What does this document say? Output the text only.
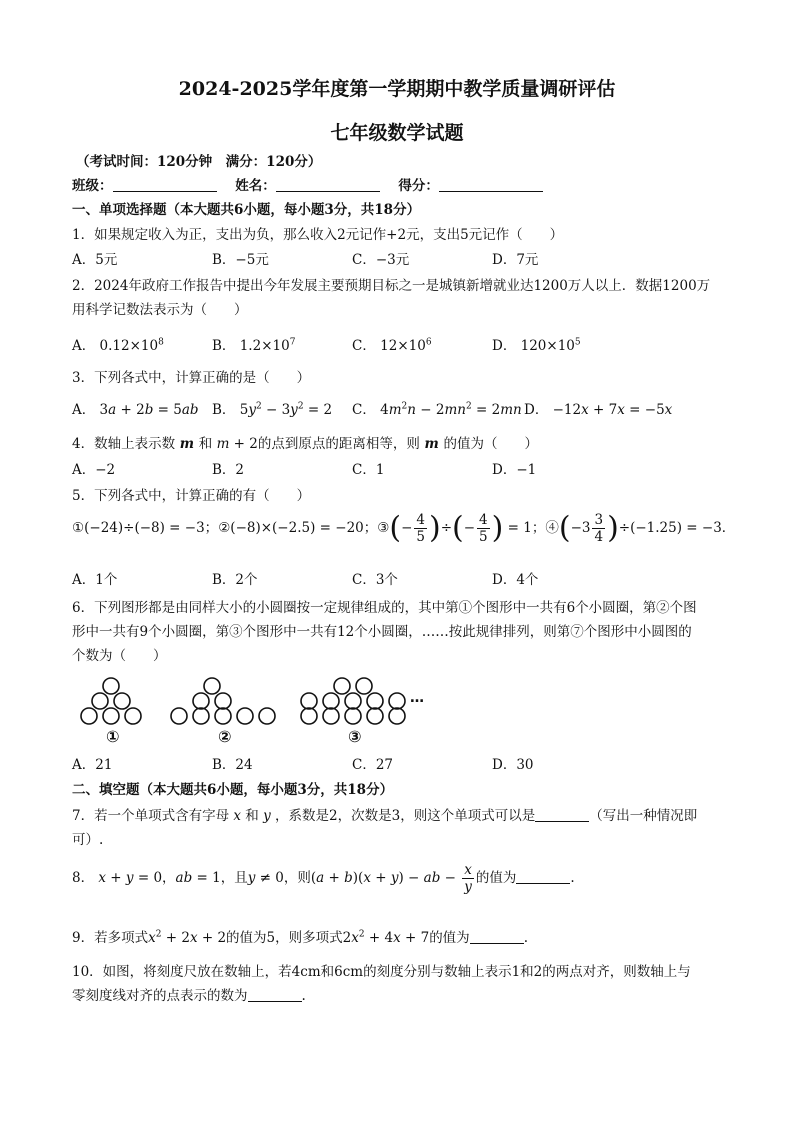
2024-2025学年度第一学期期中教学质量调研评估
七年级数学试题
（考试时间：120分钟　满分：120分）
班级：	姓名：	得分：
一、单项选择题（本大题共6小题，每小题3分，共18分）
1．如果规定收入为正，支出为负，那么收入2元记作+2元，支出5元记作（　　）
A．5元	B．−5元	C．−3元	D．7元
2．2024年政府工作报告中提出今年发展主要预期目标之一是城镇新增就业达1200万人以上．数据1200万
用科学记数法表示为（　　）
A． $0.12\times 10^8$	B． $1.2\times 10^7$	C． $12\times 10^6$	D． $120\times 10^5$
3．下列各式中，计算正确的是（　　）
A． 3a + 2b = 5ab B． $5y^2 - 3y^2 = 2$ C． $4m^2n - 2mn^2 = 2mn$ D． −12x + 7x = −5x
4．数轴上表示数 m 和 m + 2的点到原点的距离相等，则 m 的值为（　　）
A．−2	B．2	C．1	D．−1
5．下列各式中，计算正确的有（　　）
①(−24)÷(−8) = −3；②(−8)×(−2.5) = −20；③(− $\frac{4}{5}$ )÷(− $\frac{4}{5}$ ) = 1；④(−3 $\frac{3}{4} )\div(-1.25) = -3$．
A．1个	B．2个	C．3个	D．4个
6．下列图形都是由同样大小的小圆圈按一定规律组成的，其中第①个图形中一共有6个小圆圈，第②个图
形中一共有9个小圆圈，第③个图形中一共有12个小圆圈，……按此规律排列，则第⑦个图形中小圆图的
个数为（　　）
①	②	③
…
A．21	B．24	C．27	D．30
二、填空题（本大题共6小题，每小题3分，共18分）
7．若一个单项式含有字母 x 和 y ，系数是2，次数是3，则这个单项式可以是	（写出一种情况即
可）.
8． x + y = 0，ab = 1，且y ≠ 0，则(a + b)(x + y) − ab − $\frac{x}{y}$ 的值为	.
9．若多项式$x^2 + 2x + 2$的值为5，则多项式$2x^2 + 4x + 7$的值为	.
10．如图，将刻度尺放在数轴上，若4cm和6cm的刻度分别与数轴上表示1和2的两点对齐，则数轴上与
零刻度线对齐的点表示的数为	.
